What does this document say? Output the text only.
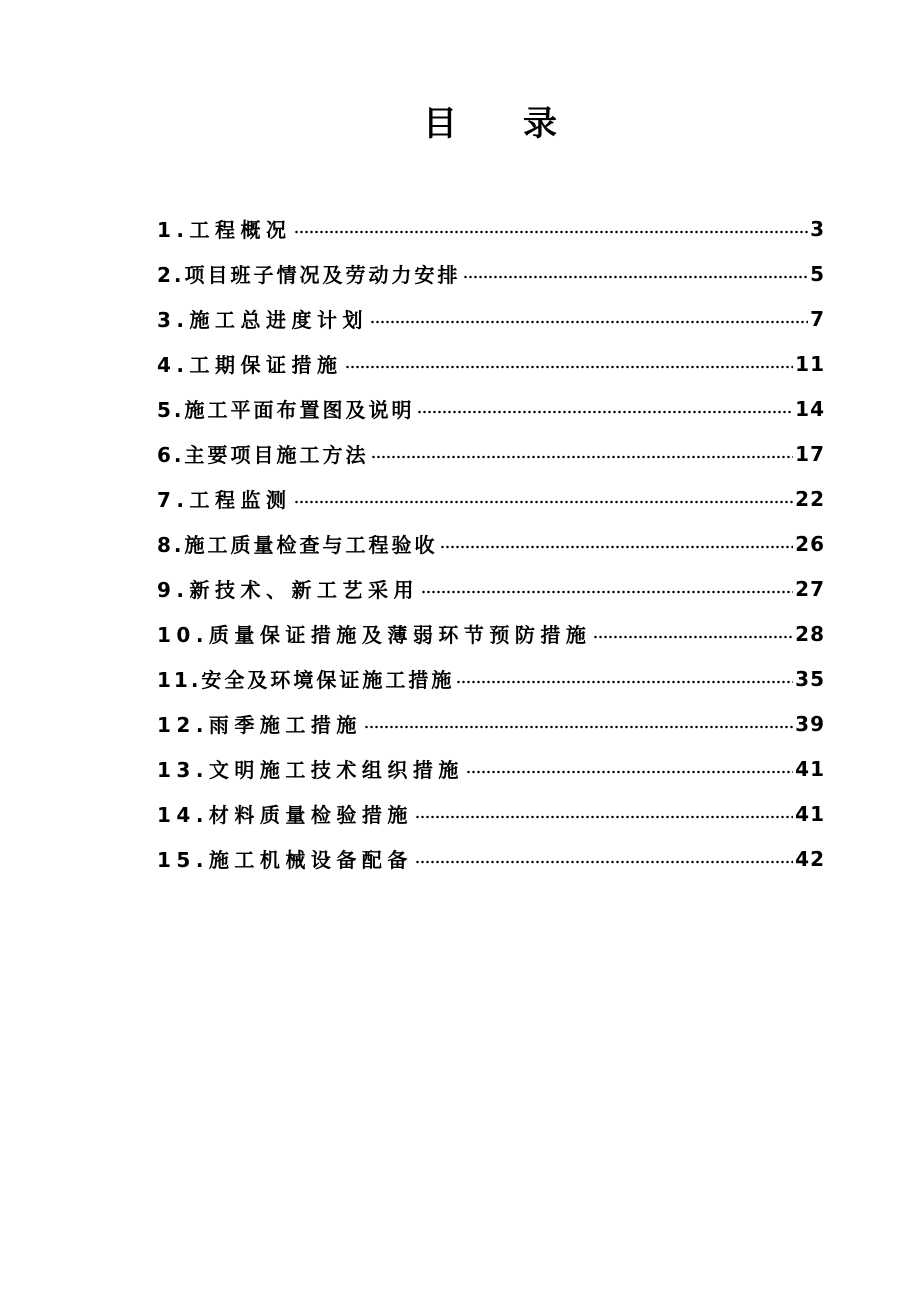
目录
1.工程概况	3
2.项目班子情况及劳动力安排	5
3.施工总进度计划	7
4.工期保证措施	11
5.施工平面布置图及说明	14
6.主要项目施工方法	17
7.工程监测	22
8.施工质量检查与工程验收	26
9.新技术、新工艺采用	27
10.质量保证措施及薄弱环节预防措施	28
11.安全及环境保证施工措施	35
12.雨季施工措施	39
13.文明施工技术组织措施	41
14.材料质量检验措施	41
15.施工机械设备配备	42
